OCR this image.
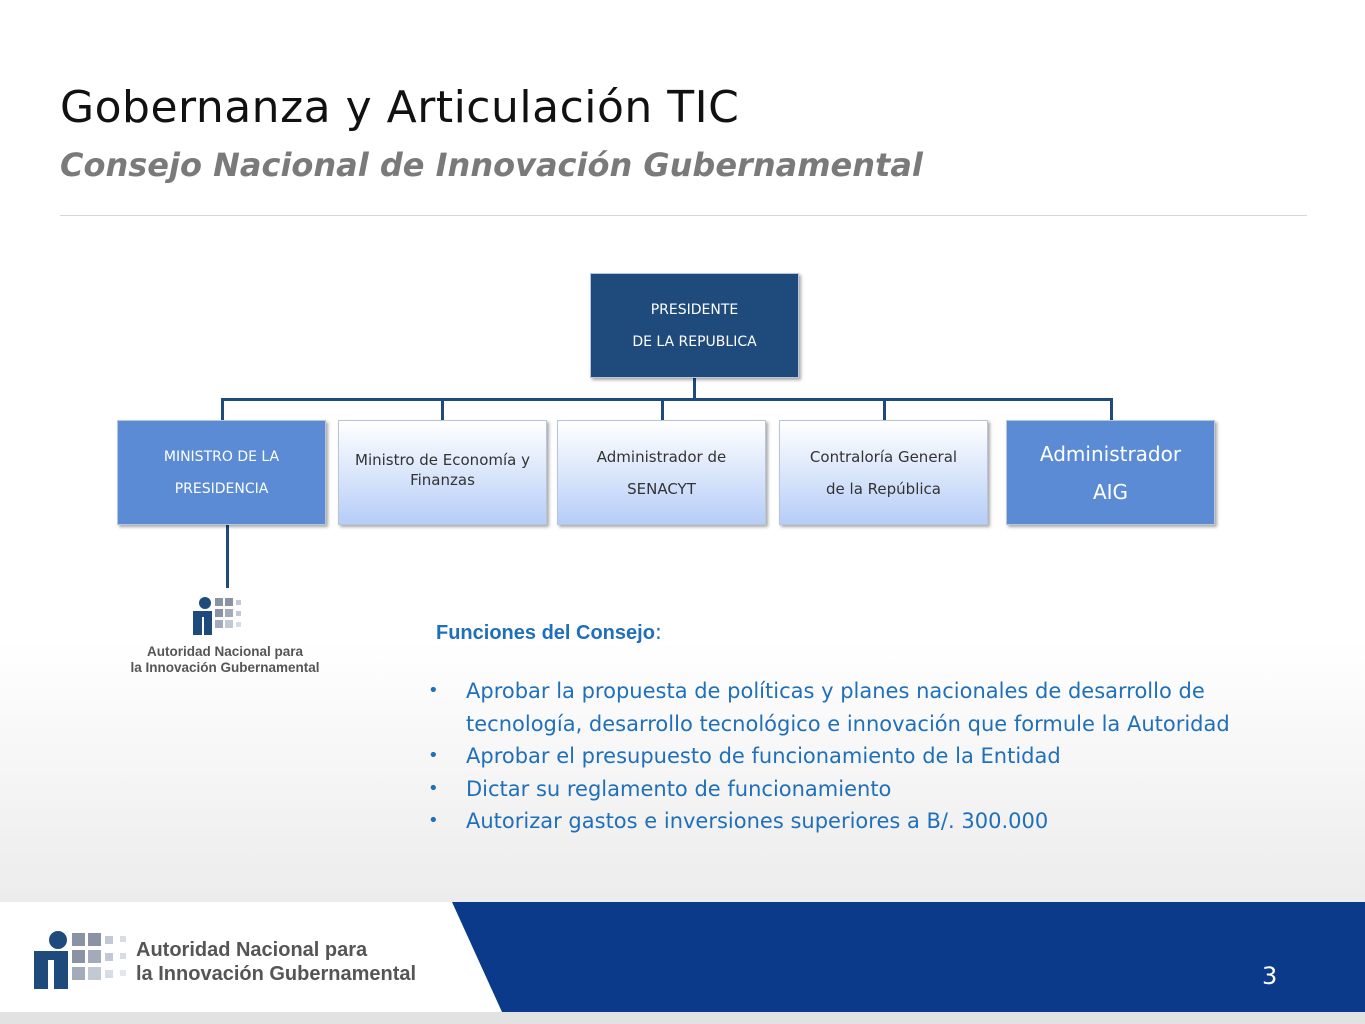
Gobernanza y Articulación TIC
Consejo Nacional de Innovación Gubernamental
PRESIDENTE
DE LA REPUBLICA
MINISTRO DE LA
PRESIDENCIA
Ministro de Economía y
Finanzas
Administrador de
SENACYT
Contraloría General
de la República
Administrador
AIG
Autoridad Nacional para
la Innovación Gubernamental
Funciones del Consejo:
• Aprobar la propuesta de políticas y planes nacionales de desarrollo de tecnología, desarrollo tecnológico e innovación que formule la Autoridad
• Aprobar el presupuesto de funcionamiento de la Entidad
• Dictar su reglamento de funcionamiento
• Autorizar gastos e inversiones superiores a B/. 300.000
Autoridad Nacional para
la Innovación Gubernamental	3
